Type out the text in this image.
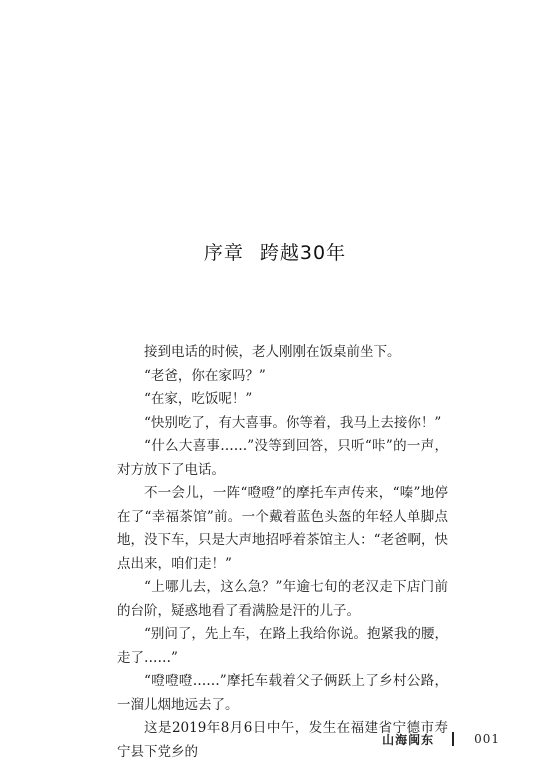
序章 跨越30年

接到电话的时候，老人刚刚在饭桌前坐下。

“老爸，你在家吗？”

“在家，吃饭呢！”

“快别吃了，有大喜事。你等着，我马上去接你！”

“什么大喜事……”没等到回答，只听“咔”的一声，对方放下了电话。

不一会儿，一阵“噔噔”的摩托车声传来，“嗪”地停在了“幸福茶馆”前。一个戴着蓝色头盔的年轻人单脚点地，没下车，只是大声地招呼着茶馆主人：“老爸啊，快点出来，咱们走！”

“上哪儿去，这么急？”年逾七旬的老汉走下店门前的台阶，疑惑地看了看满脸是汗的儿子。

“别问了，先上车，在路上我给你说。抱紧我的腰，走了……”

“噔噔噔……”摩托车载着父子俩跃上了乡村公路，一溜儿烟地远去了。

这是2019年8月6日中午，发生在福建省宁德市寿宁县下党乡的

山海闽东	001
